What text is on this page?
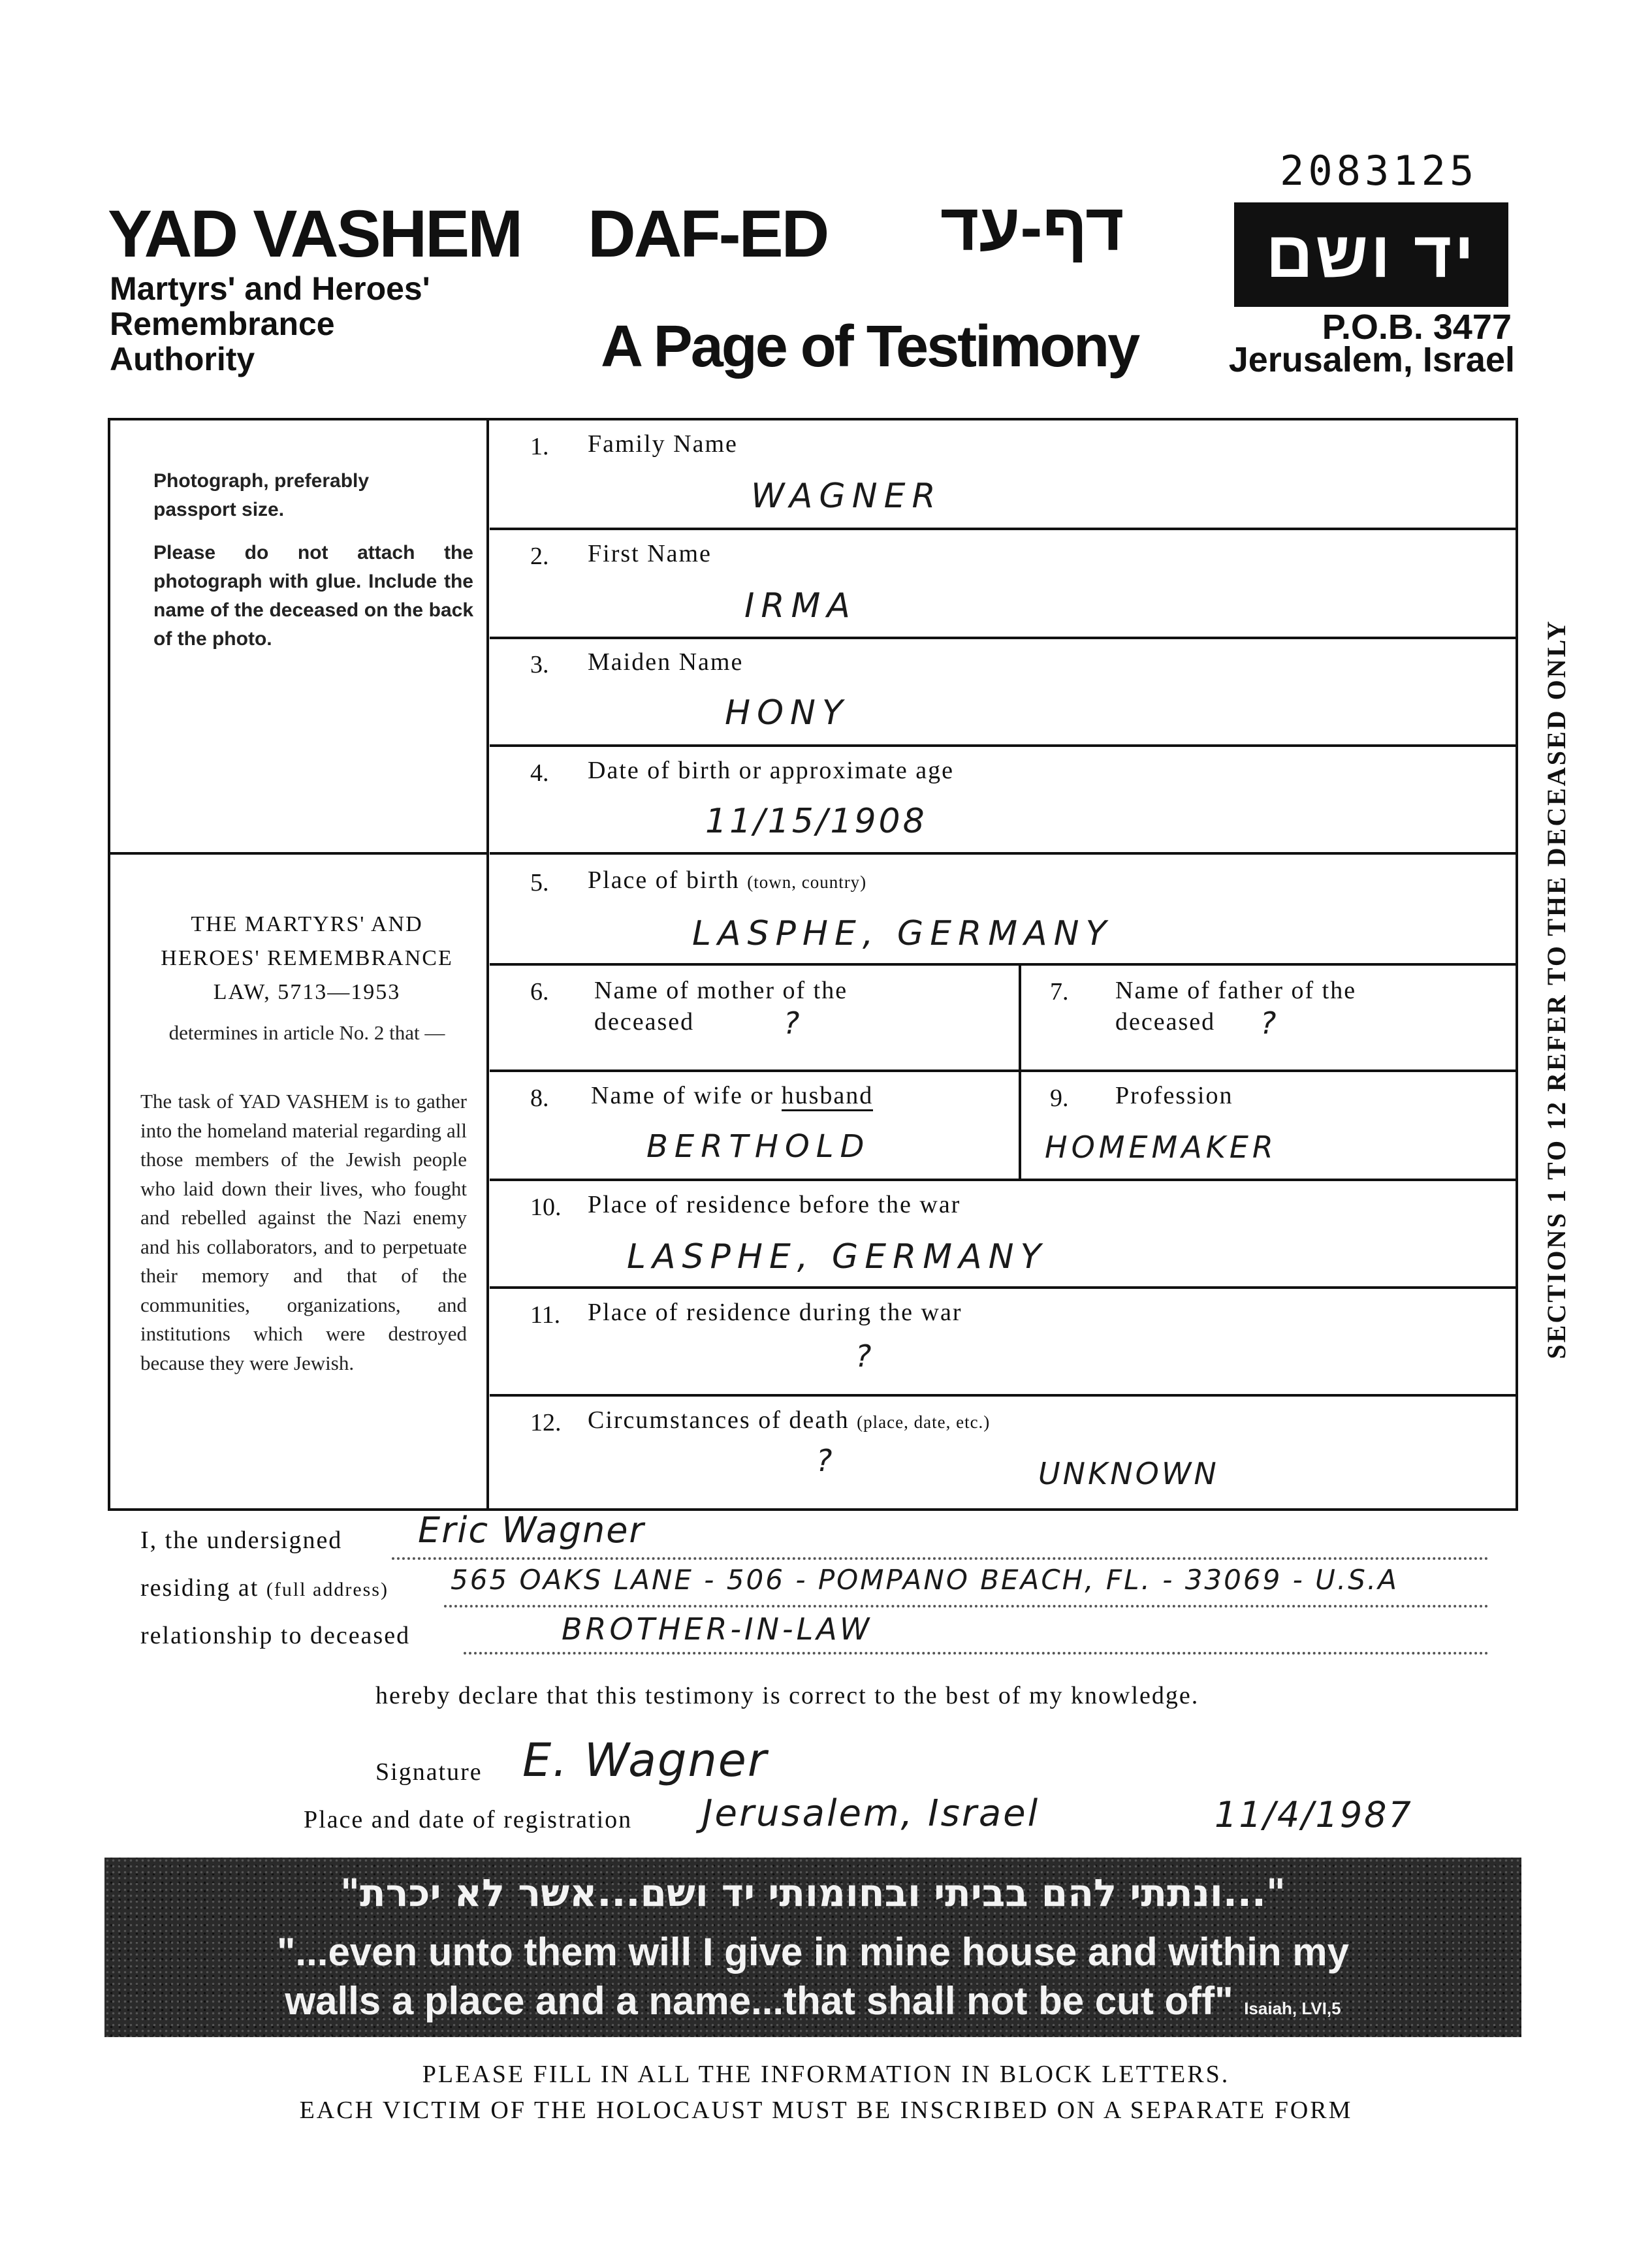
2083125
YAD VASHEM
Martyrs' and Heroes'
Remembrance
Authority
DAF-ED
A Page of Testimony
דף-עד	יד ושם
P.O.B. 3477
Jerusalem, Israel
Photograph, preferably passport size.
Please do not attach the photograph with glue. Include the name of the deceased on the back of the photo.
THE MARTYRS' AND
HEROES' REMEMBRANCE
LAW, 5713—1953
determines in article No. 2 that —
The task of YAD VASHEM is to gather into the homeland material regarding all those members of the Jewish people who laid down their lives, who fought and rebelled against the Nazi enemy and his collaborators, and to perpetuate their memory and that of the communities, organizations, and institutions which were destroyed because they were Jewish.
1. Family Name
WAGNER
2. First Name
IRMA
3. Maiden Name
HONY
4. Date of birth or approximate age
11/15/1908
5. Place of birth (town, country)
LASPHE, GERMANY
6. Name of mother of the
deceased	?
7. Name of father of the
deceased	?
8. Name of wife or husband
BERTHOLD
9. Profession
HOMEMAKER
10. Place of residence before the war
LASPHE, GERMANY
11. Place of residence during the war
?
12. Circumstances of death (place, date, etc.)
?	UNKNOWN
SECTIONS 1 TO 12 REFER TO THE DECEASED ONLY
I, the undersigned Eric Wagner
residing at (full address) 565 OAKS LANE - 506 - POMPANO BEACH, FL. - 33069 - U.S.A
relationship to deceased	BROTHER-IN-LAW
hereby declare that this testimony is correct to the best of my knowledge.
Signature E. Wagner
Place and date of registration Jerusalem, Israel	11/4/1987
"...ונתתי להם בביתי ובחומותי יד ושם...אשר לא יכרת"
"...even unto them will I give in mine house and within my
walls a place and a name...that shall not be cut off" Isaiah, LVI,5
PLEASE FILL IN ALL THE INFORMATION IN BLOCK LETTERS.
EACH VICTIM OF THE HOLOCAUST MUST BE INSCRIBED ON A SEPARATE FORM
